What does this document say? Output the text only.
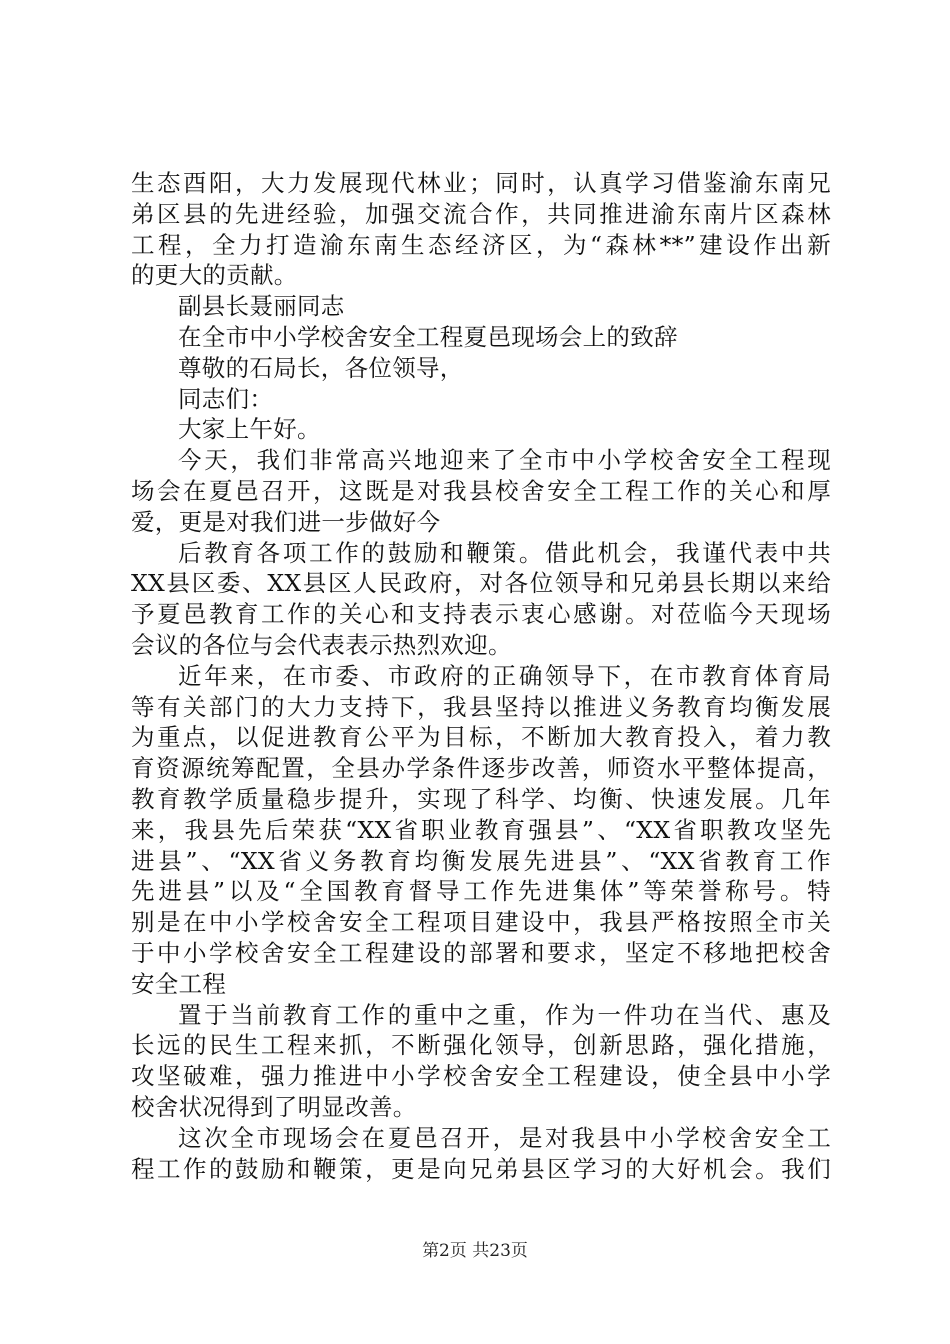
生态酉阳，大力发展现代林业；同时，认真学习借鉴渝东南兄
弟区县的先进经验，加强交流合作，共同推进渝东南片区森林
工程，全力打造渝东南生态经济区，为“森林**”建设作出新
的更大的贡献。
副县长聂丽同志
在全市中小学校舍安全工程夏邑现场会上的致辞
尊敬的石局长，各位领导，
同志们：
大家上午好。
今天，我们非常高兴地迎来了全市中小学校舍安全工程现
场会在夏邑召开，这既是对我县校舍安全工程工作的关心和厚
爱，更是对我们进一步做好今
后教育各项工作的鼓励和鞭策。借此机会，我谨代表中共
XX县区委、XX县区人民政府，对各位领导和兄弟县长期以来给
予夏邑教育工作的关心和支持表示衷心感谢。对莅临今天现场
会议的各位与会代表表示热烈欢迎。
近年来，在市委、市政府的正确领导下，在市教育体育局
等有关部门的大力支持下，我县坚持以推进义务教育均衡发展
为重点，以促进教育公平为目标，不断加大教育投入，着力教
育资源统筹配置，全县办学条件逐步改善，师资水平整体提高，
教育教学质量稳步提升，实现了科学、均衡、快速发展。几年
来，我县先后荣获“XX省职业教育强县”、“XX省职教攻坚先
进县”、“XX省义务教育均衡发展先进县”、“XX省教育工作
先进县”以及“全国教育督导工作先进集体”等荣誉称号。特
别是在中小学校舍安全工程项目建设中，我县严格按照全市关
于中小学校舍安全工程建设的部署和要求，坚定不移地把校舍
安全工程
置于当前教育工作的重中之重，作为一件功在当代、惠及
长远的民生工程来抓，不断强化领导，创新思路，强化措施，
攻坚破难，强力推进中小学校舍安全工程建设，使全县中小学
校舍状况得到了明显改善。
这次全市现场会在夏邑召开，是对我县中小学校舍安全工
程工作的鼓励和鞭策，更是向兄弟县区学习的大好机会。我们
第2页 共23页
